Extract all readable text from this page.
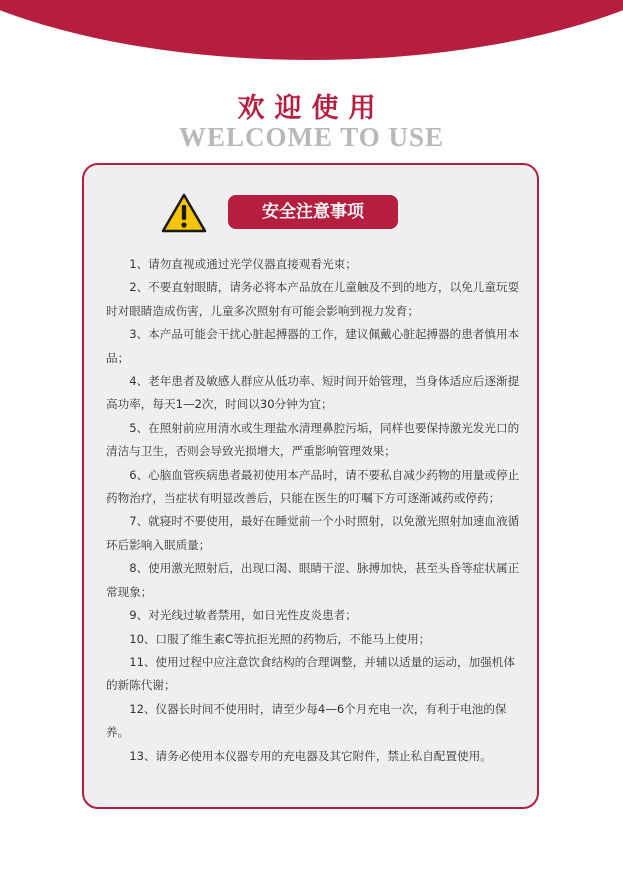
欢迎使用
WELCOME TO USE
安全注意事项

1、请勿直视或通过光学仪器直接观看光束；

2、不要直射眼睛，请务必将本产品放在儿童触及不到的地方，以免儿童玩耍时对眼睛造成伤害，儿童多次照射有可能会影响到视力发育；

3、本产品可能会干扰心脏起搏器的工作，建议佩戴心脏起搏器的患者慎用本品；

4、老年患者及敏感人群应从低功率、短时间开始管理，当身体适应后逐渐提高功率，每天1—2次，时间以30分钟为宜；

5、在照射前应用清水或生理盐水清理鼻腔污垢，同样也要保持激光发光口的清洁与卫生，否则会导致光损增大，严重影响管理效果；

6、心脑血管疾病患者最初使用本产品时，请不要私自减少药物的用量或停止药物治疗，当症状有明显改善后，只能在医生的叮嘱下方可逐渐减药或停药；

7、就寝时不要使用，最好在睡觉前一个小时照射，以免激光照射加速血液循环后影响入眠质量；

8、使用激光照射后，出现口渴、眼睛干涩、脉搏加快，甚至头昏等症状属正常现象；

9、对光线过敏者禁用，如日光性皮炎患者；

10、口服了维生素C等抗拒光照的药物后，不能马上使用；

11、使用过程中应注意饮食结构的合理调整，并辅以适量的运动，加强机体的新陈代谢；

12、仪器长时间不使用时，请至少每4—6个月充电一次，有利于电池的保养。

13、请务必使用本仪器专用的充电器及其它附件，禁止私自配置使用。
